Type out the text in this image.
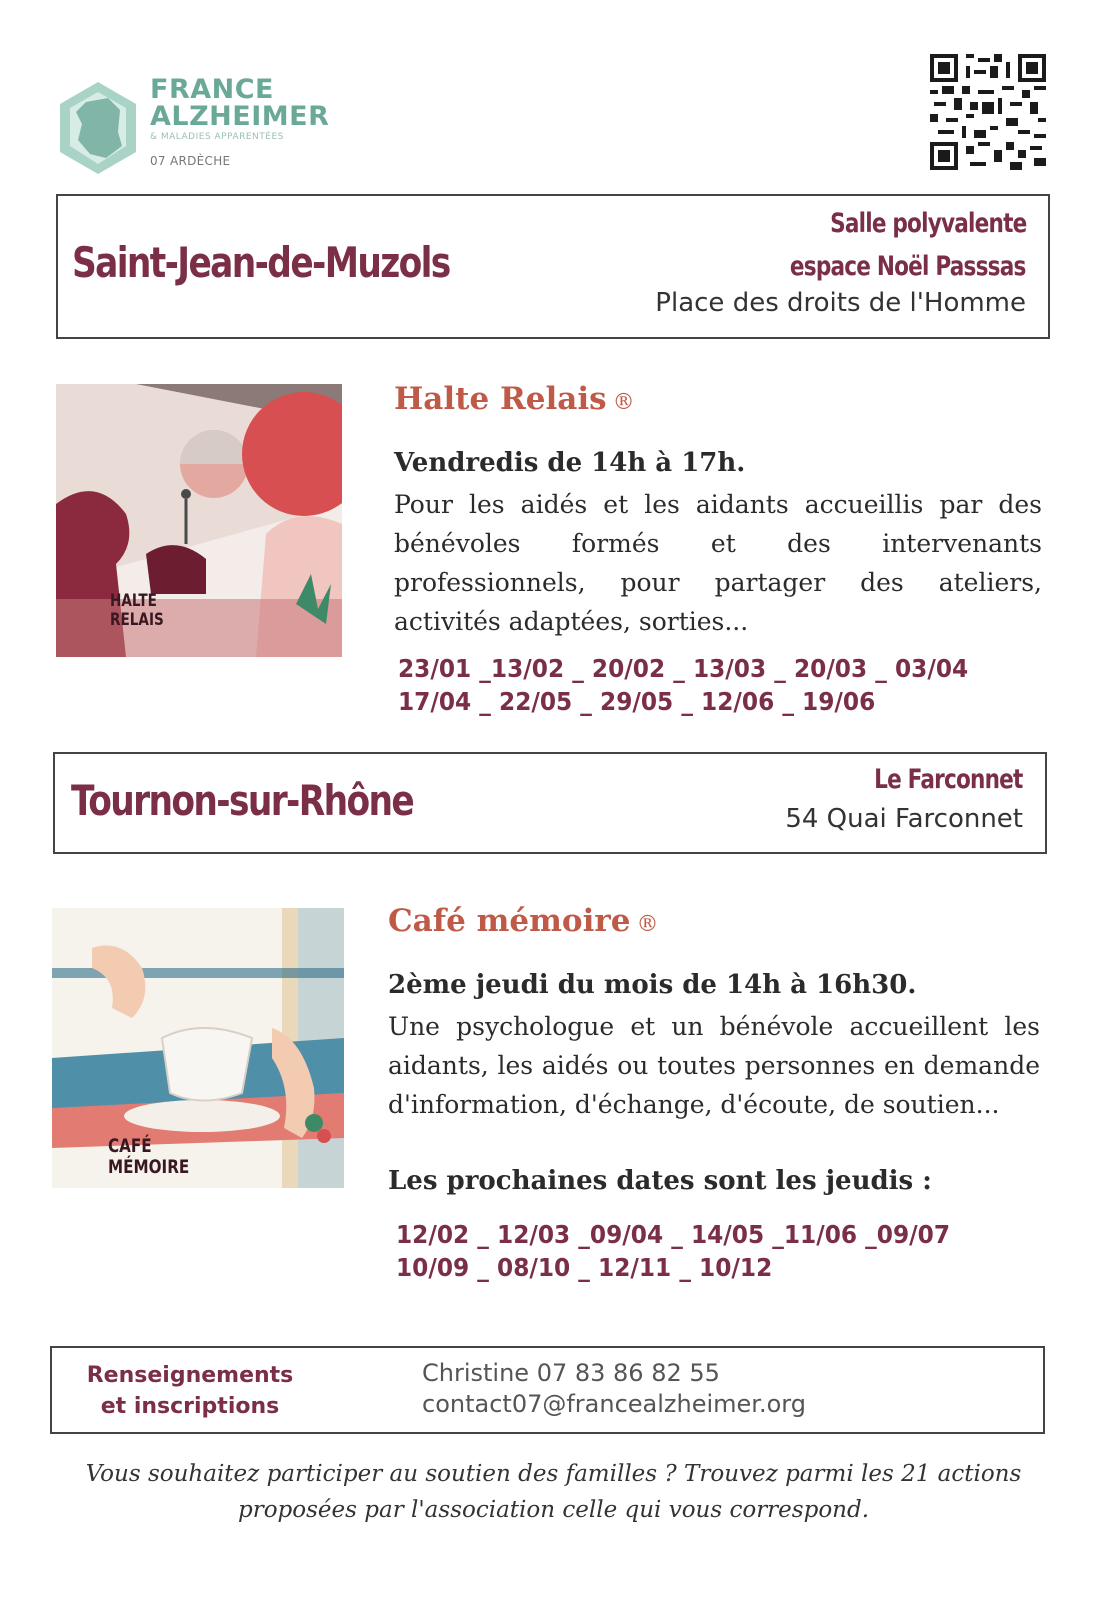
FRANCE
ALZHEIMER
& MALADIES APPARENTÉES
07 ARDÈCHE
Saint-Jean-de-Muzols
Salle polyvalente
espace Noël Passsas
Place des droits de l'Homme
HALTE
RELAIS
Halte Relais ®
Vendredis de 14h à 17h.
Pour les aidés et les aidants accueillis par des bénévoles formés et des intervenants professionnels, pour partager des ateliers, activités adaptées, sorties...
23/01 _13/02 _ 20/02 _ 13/03 _ 20/03 _ 03/04
17/04 _ 22/05 _ 29/05 _ 12/06 _ 19/06
Tournon-sur-Rhône	Le Farconnet
54 Quai Farconnet
CAFÉ
MÉMOIRE
Café mémoire ®
2ème jeudi du mois de 14h à 16h30.
Une psychologue et un bénévole accueillent les aidants, les aidés ou toutes personnes en demande d'information, d'échange, d'écoute, de soutien...
Les prochaines dates sont les jeudis :
12/02 _ 12/03 _09/04 _ 14/05 _11/06 _09/07
10/09 _ 08/10 _ 12/11 _ 10/12
Renseignements
et inscriptions
Christine 07 83 86 82 55
contact07@francealzheimer.org
Vous souhaitez participer au soutien des familles ? Trouvez parmi les 21 actions
proposées par l'association celle qui vous correspond.
